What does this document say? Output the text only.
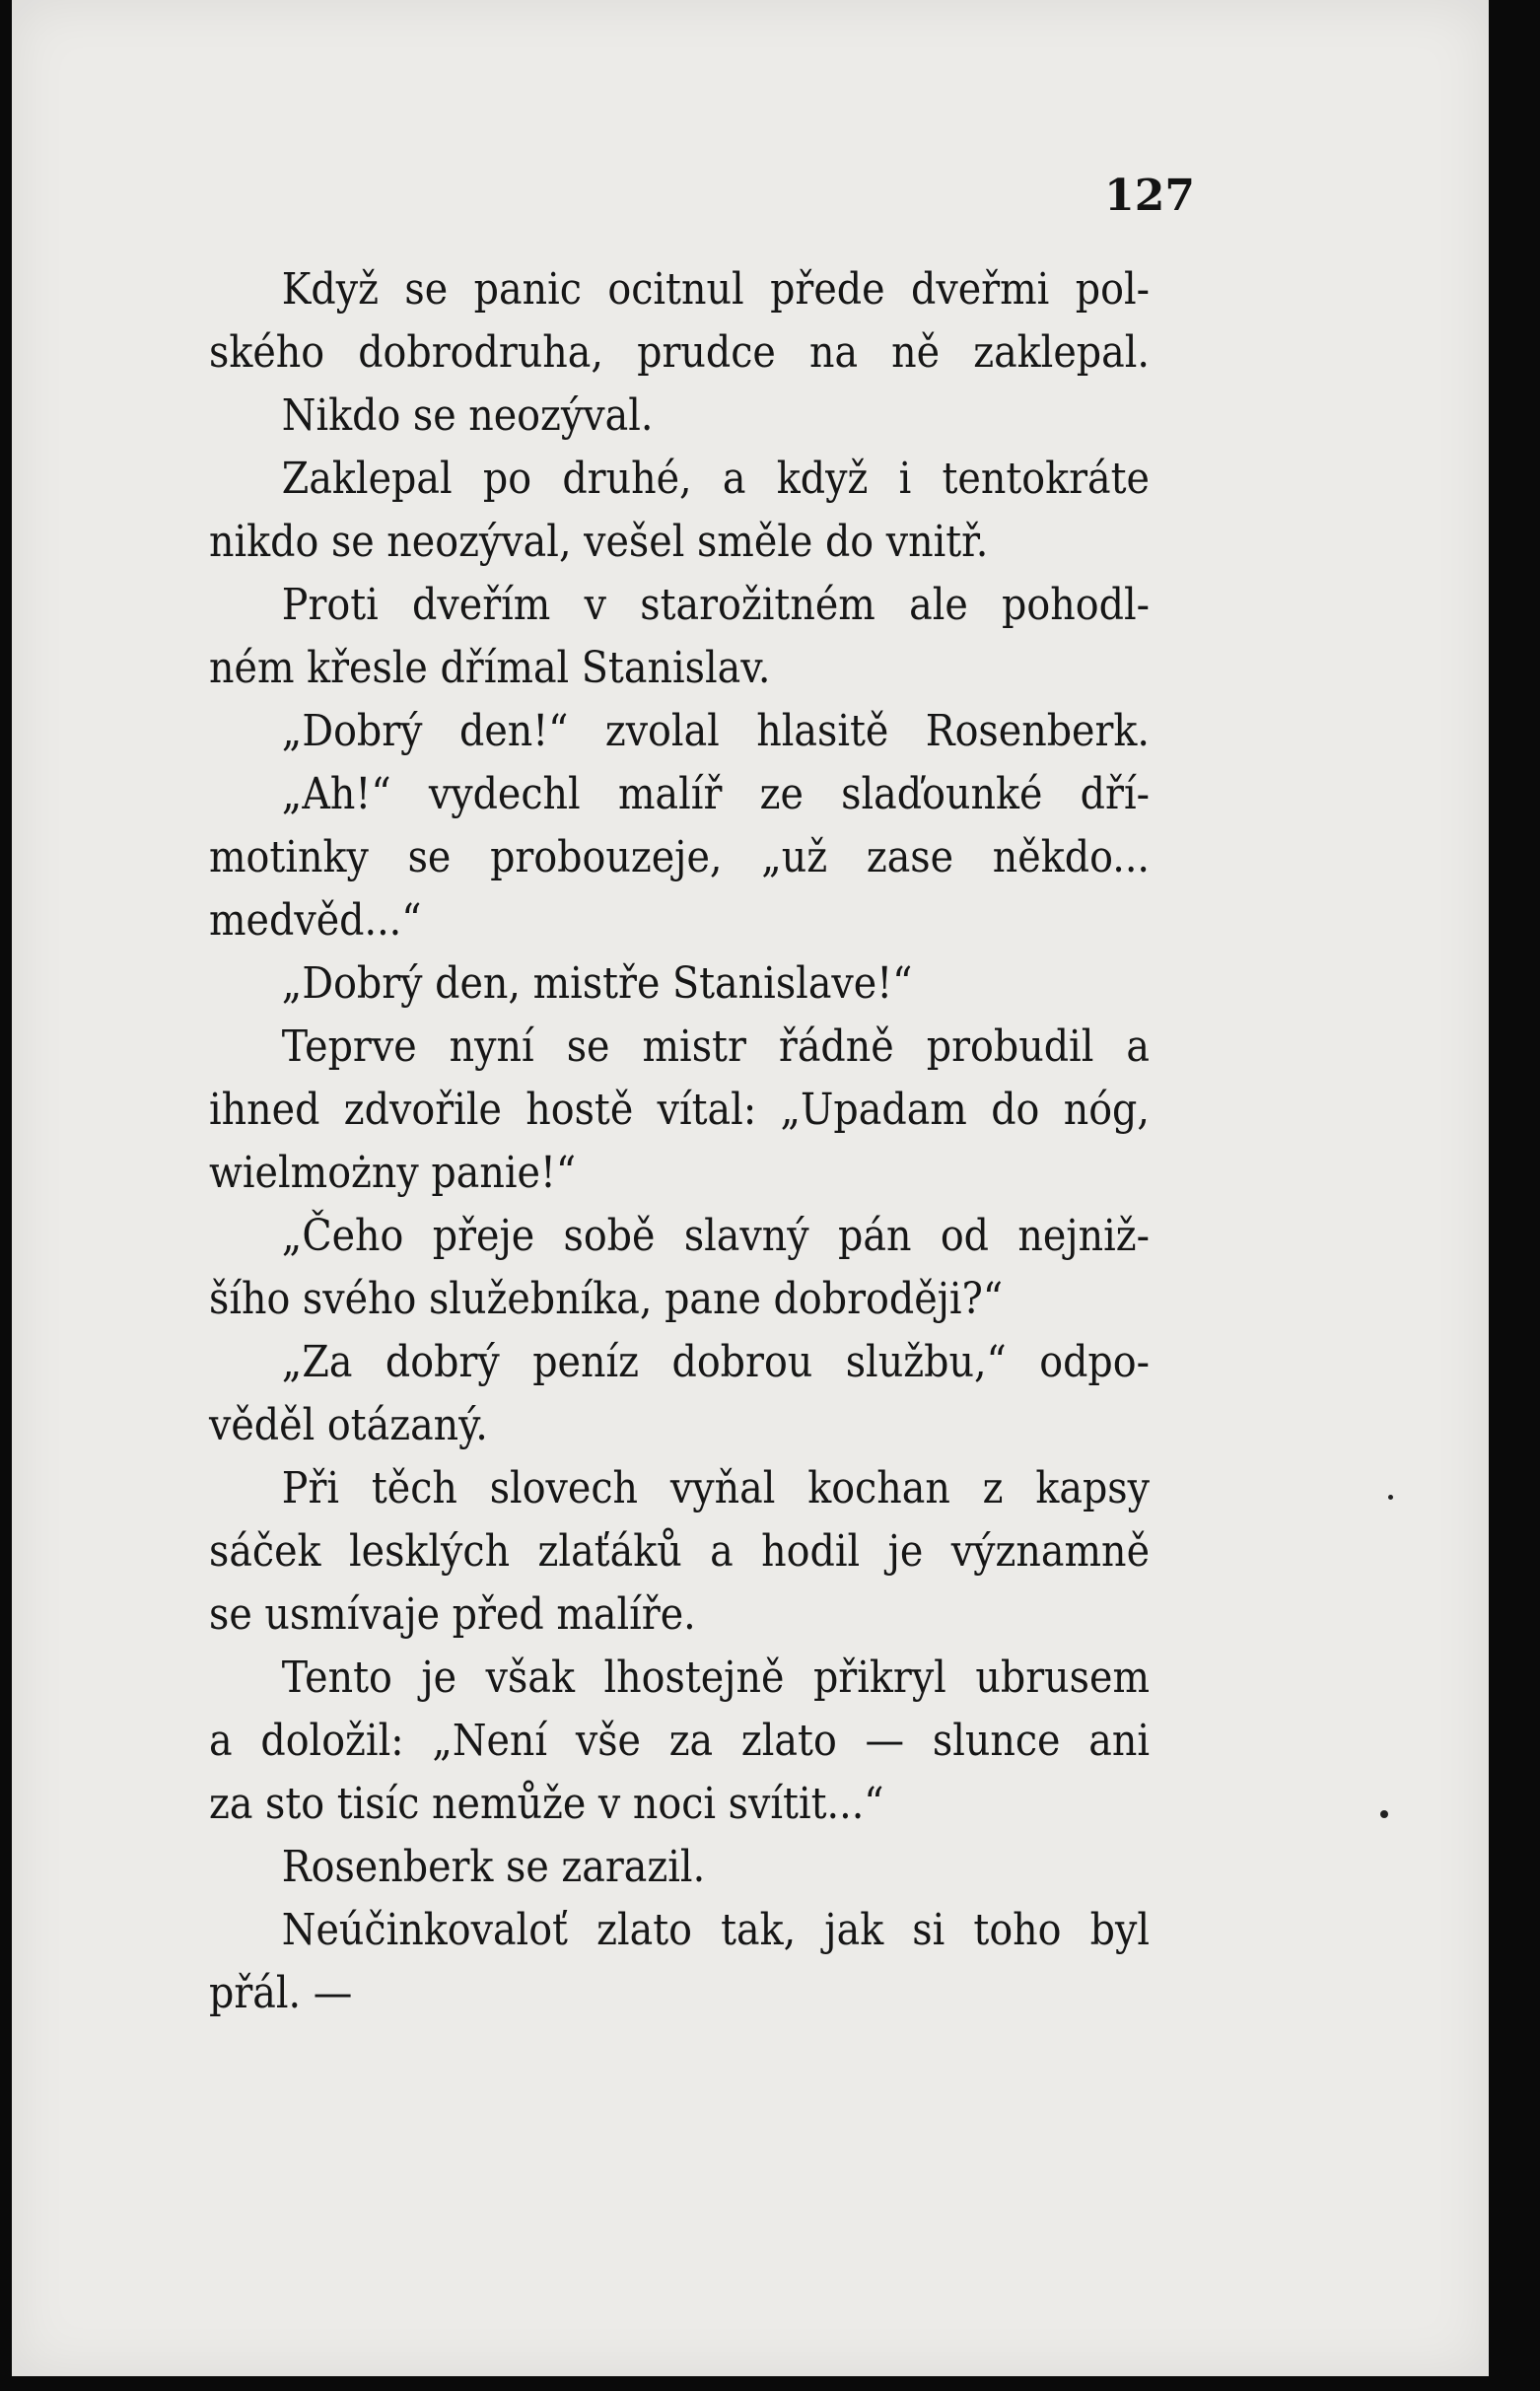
127
Když se panic ocitnul přede dveřmi pol-
ského dobrodruha, prudce na ně zaklepal.
Nikdo se neozýval.
Zaklepal po druhé, a když i tentokráte
nikdo se neozýval, vešel směle do vnitř.
Proti dveřím v starožitném ale pohodl-
ném křesle dřímal Stanislav.
„Dobrý den!“ zvolal hlasitě Rosenberk.
„Ah!“ vydechl malíř ze slaďounké dří-
motinky se probouzeje, „už zase někdo...
medvěd...“
„Dobrý den, mistře Stanislave!“
Teprve nyní se mistr řádně probudil a
ihned zdvořile hostě vítal: „Upadam do nóg,
wielmożny panie!“
„Čeho přeje sobě slavný pán od nejniž-
šího svého služebníka, pane dobroději?“
„Za dobrý peníz dobrou službu,“ odpo-
věděl otázaný.
Při těch slovech vyňal kochan z kapsy
sáček lesklých zlaťáků a hodil je významně
se usmívaje před malíře.
Tento je však lhostejně přikryl ubrusem
a doložil: „Není vše za zlato — slunce ani
za sto tisíc nemůže v noci svítit...“
Rosenberk se zarazil.
Neúčinkovaloť zlato tak, jak si toho byl
přál. —
